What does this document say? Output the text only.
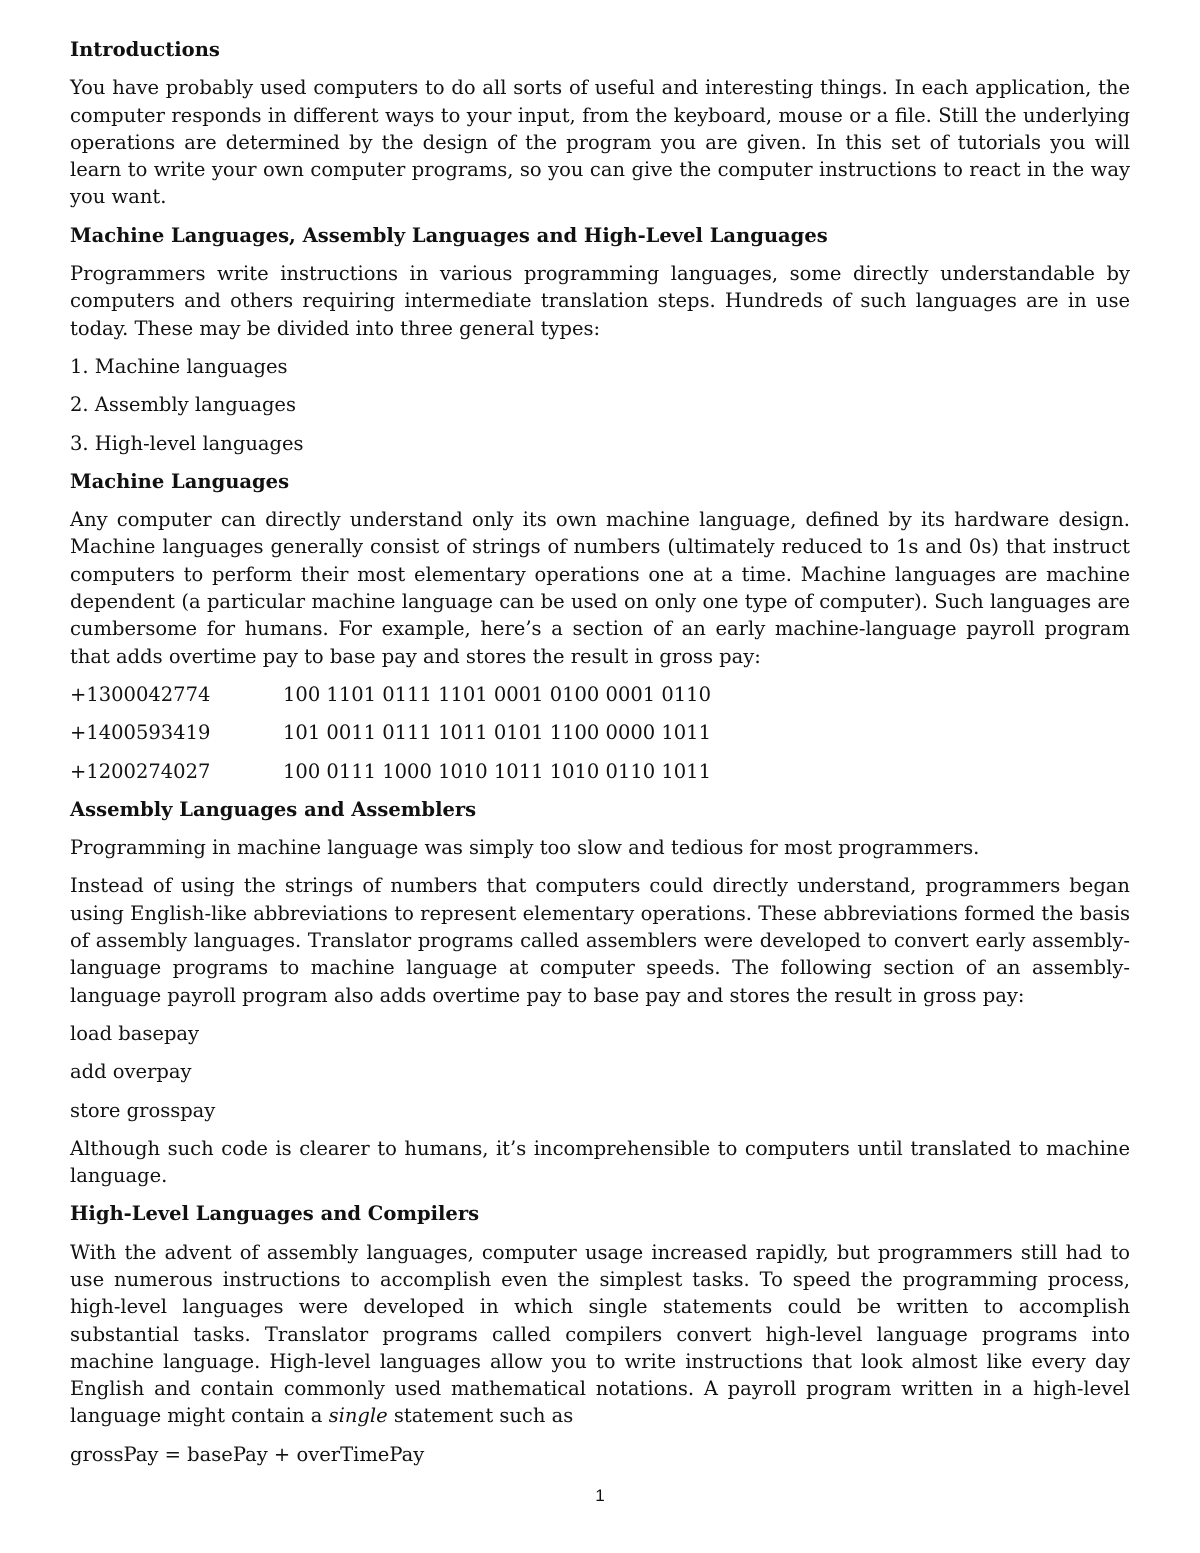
Introductions

You have probably used computers to do all sorts of useful and interesting things. In each application, the computer responds in different ways to your input, from the keyboard, mouse or a file. Still the underlying operations are determined by the design of the program you are given. In this set of tutorials you will learn to write your own computer programs, so you can give the computer instructions to react in the way you want.

Machine Languages, Assembly Languages and High-Level Languages

Programmers write instructions in various programming languages, some directly understandable by computers and others requiring intermediate translation steps. Hundreds of such languages are in use today. These may be divided into three general types:

1. Machine languages
2. Assembly languages
3. High-level languages
Machine Languages

Any computer can directly understand only its own machine language, defined by its hardware design. Machine languages generally consist of strings of numbers (ultimately reduced to 1s and 0s) that instruct computers to perform their most elementary operations one at a time. Machine languages are machine dependent (a particular machine language can be used on only one type of computer). Such languages are cumbersome for humans. For example, here’s a section of an early machine-language payroll program that adds overtime pay to base pay and stores the result in gross pay:

+1300042774	100 1101 0111 1101 0001 0100 0001 0110
+1400593419	101 0011 0111 1011 0101 1100 0000 1011
+1200274027	100 0111 1000 1010 1011 1010 0110 1011
Assembly Languages and Assemblers

Programming in machine language was simply too slow and tedious for most programmers.

Instead of using the strings of numbers that computers could directly understand, programmers began using English-like abbreviations to represent elementary operations. These abbreviations formed the basis of assembly languages. Translator programs called assemblers were developed to convert early assembly-language programs to machine language at computer speeds. The following section of an assembly-language payroll program also adds overtime pay to base pay and stores the result in gross pay:

load basepay
add overpay
store grosspay

Although such code is clearer to humans, it’s incomprehensible to computers until translated to machine language.

High-Level Languages and Compilers

With the advent of assembly languages, computer usage increased rapidly, but programmers still had to use numerous instructions to accomplish even the simplest tasks. To speed the programming process, high-level languages were developed in which single statements could be written to accomplish substantial tasks. Translator programs called compilers convert high-level language programs into machine language. High-level languages allow you to write instructions that look almost like every day English and contain commonly used mathematical notations. A payroll program written in a high-level language might contain a single statement such as

grossPay = basePay + overTimePay
1
